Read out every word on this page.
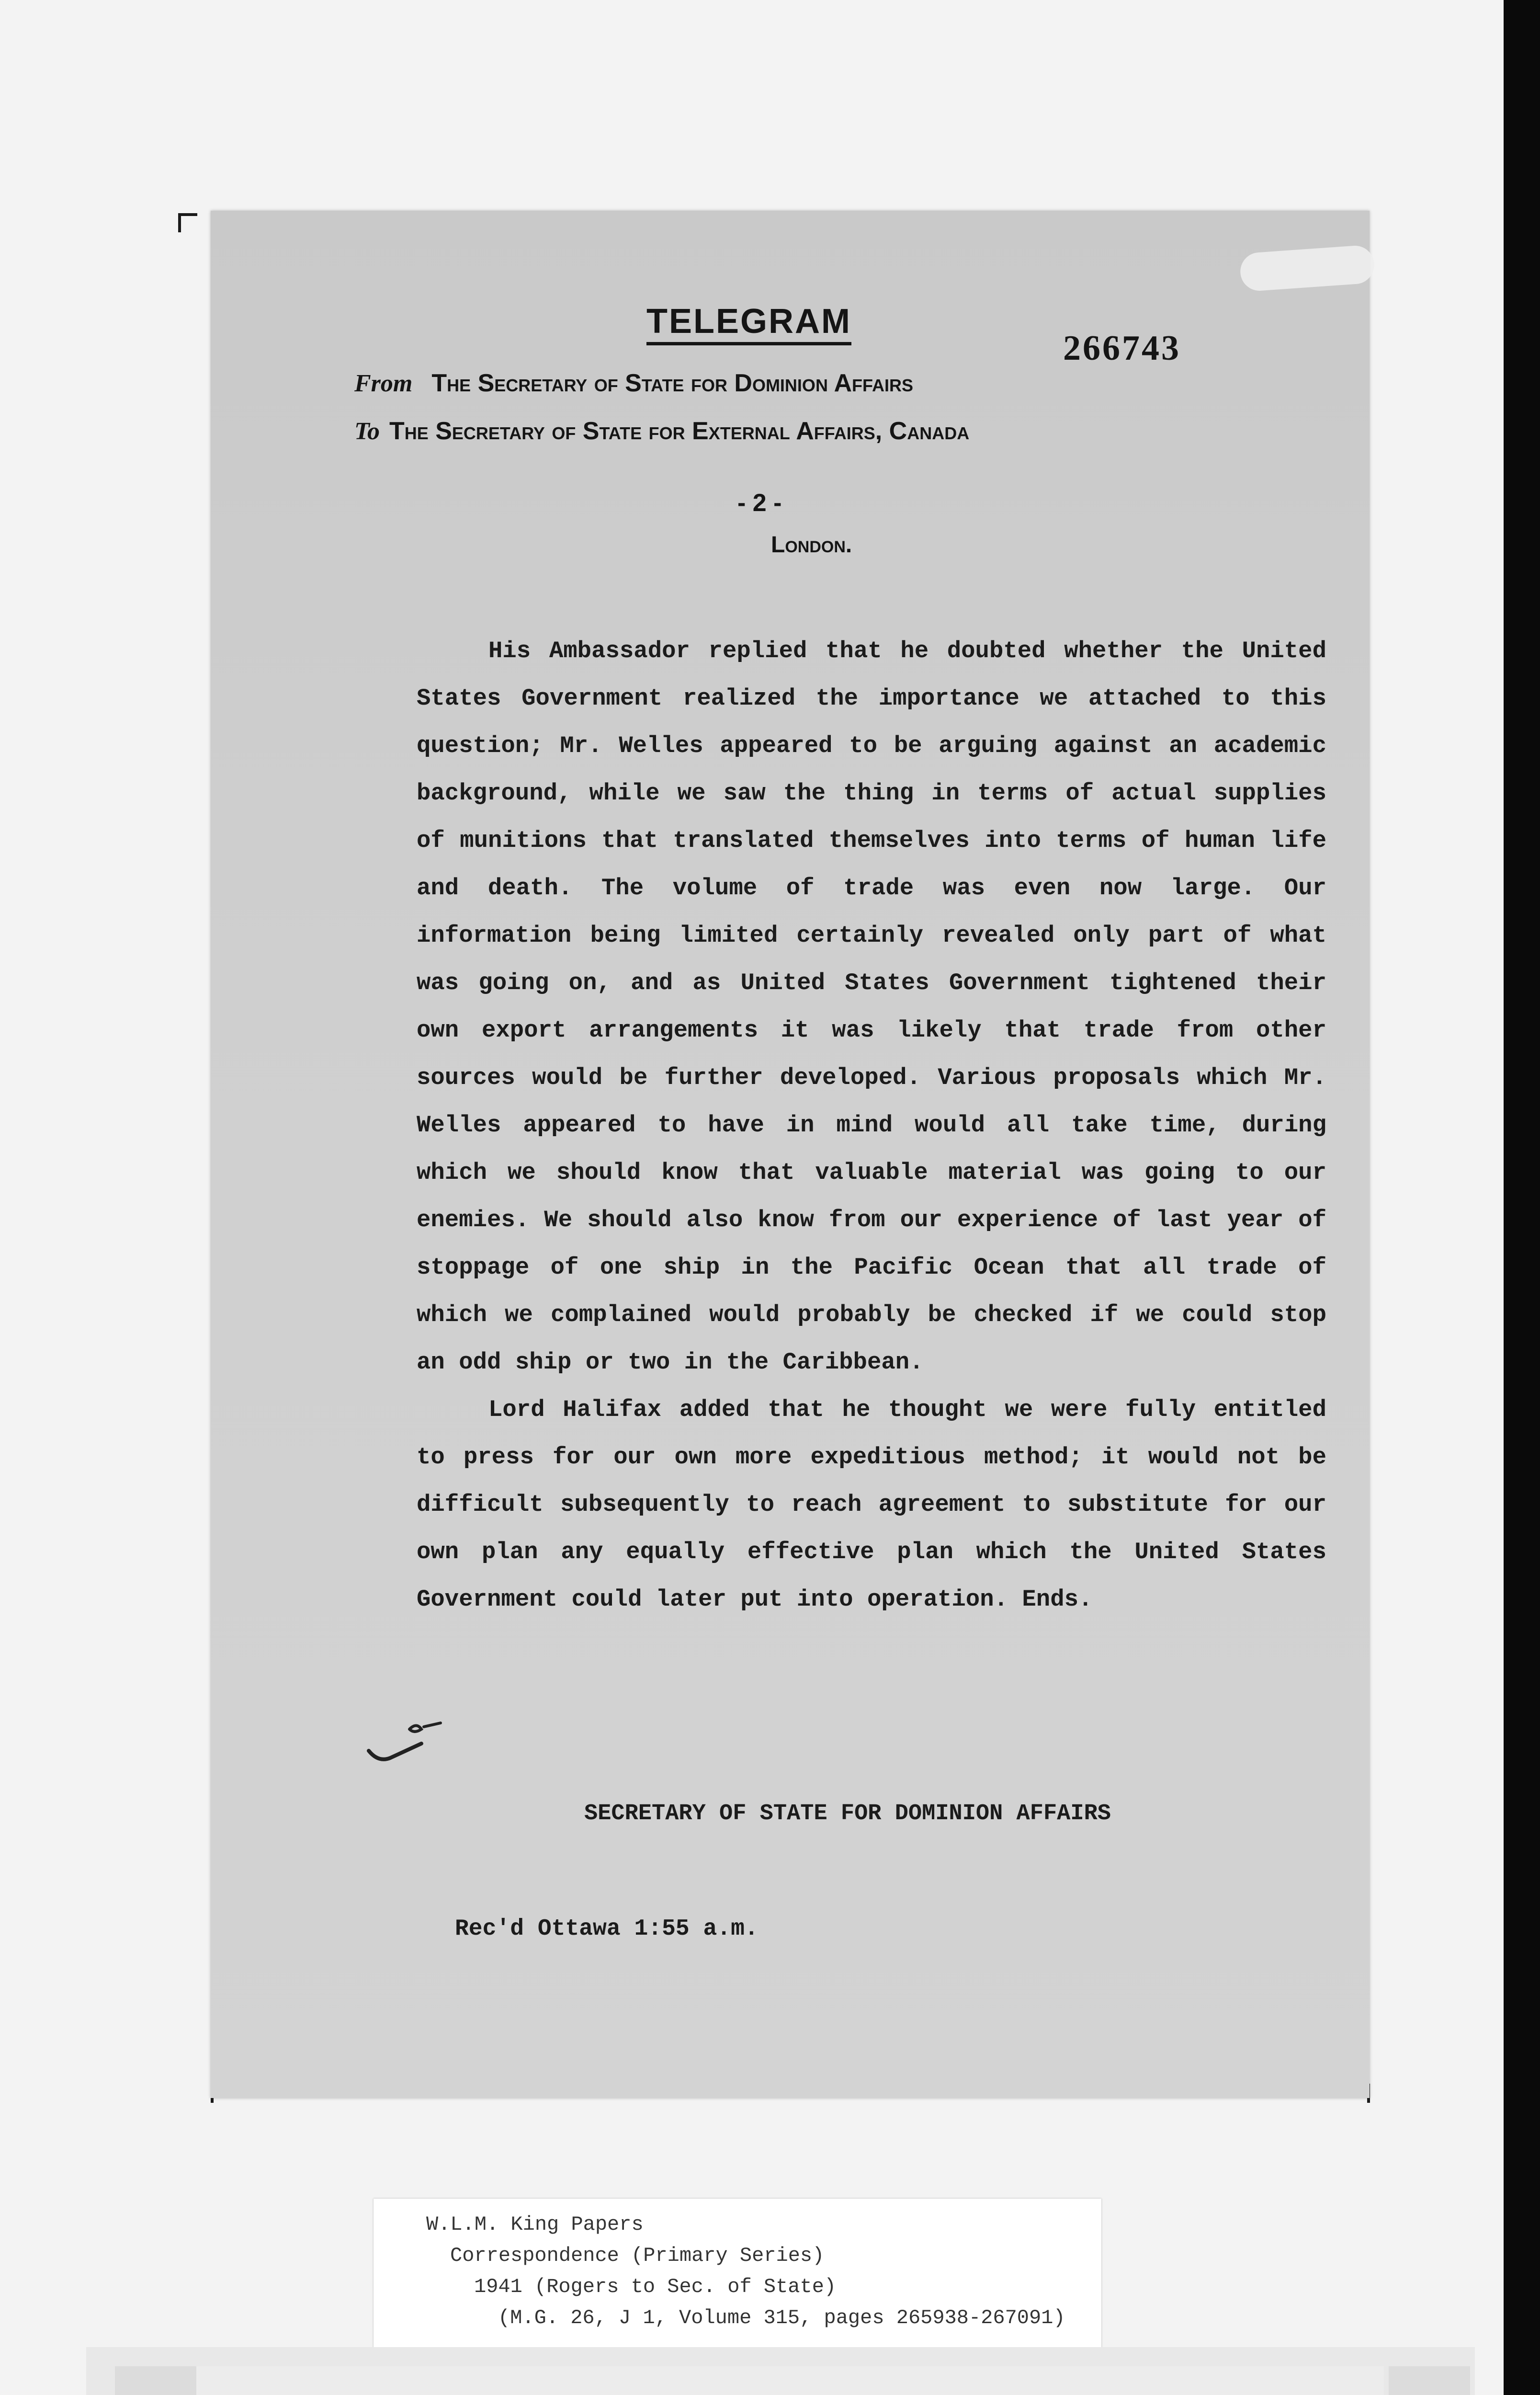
TELEGRAM
266743
From The Secretary of State for Dominion Affairs
To The Secretary of State for External Affairs, Canada
- 2 -
London.

His Ambassador replied that he doubted whether the United States Government realized the importance we attached to this question; Mr. Welles appeared to be arguing against an academic background, while we saw the thing in terms of actual supplies of munitions that translated themselves into terms of human life and death. The volume of trade was even now large. Our information being limited certainly revealed only part of what was going on, and as United States Government tightened their own export arrangements it was likely that trade from other sources would be further developed. Various proposals which Mr. Welles appeared to have in mind would all take time, during which we should know that valuable material was going to our enemies. We should also know from our experience of last year of stoppage of one ship in the Pacific Ocean that all trade of which we complained would probably be checked if we could stop an odd ship or two in the Caribbean.

Lord Halifax added that he thought we were fully entitled to press for our own more expeditious method; it would not be difficult subsequently to reach agreement to substitute for our own plan any equally effective plan which the United States Government could later put into operation. Ends.

SECRETARY OF STATE FOR DOMINION AFFAIRS
Rec'd Ottawa 1:55 a.m.
W.L.M. King Papers
Correspondence (Primary Series)
1941 (Rogers to Sec. of State)
(M.G. 26, J 1, Volume 315, pages 265938-267091)
